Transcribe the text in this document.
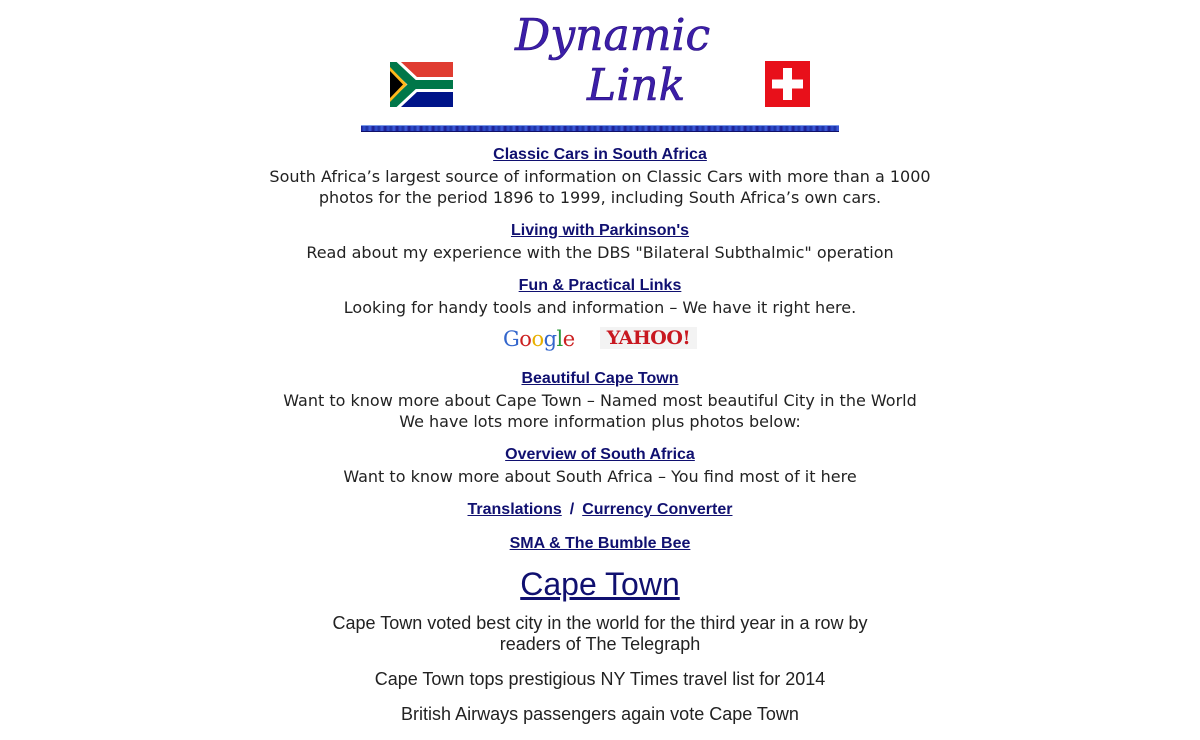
Dynamic
Link
Classic Cars in South Africa
South Africa’s largest source of information on Classic Cars with more than a 1000
photos for the period 1896 to 1999, including South Africa’s own cars.
Living with Parkinson's
Read about my experience with the DBS "Bilateral Subthalmic" operation
Fun & Practical Links
Looking for handy tools and information – We have it right here.
Google	YAHOO!
Beautiful Cape Town
Want to know more about Cape Town – Named most beautiful City in the World
We have lots more information plus photos below:
Overview of South Africa
Want to know more about South Africa – You find most of it here
Translations / Currency Converter
SMA & The Bumble Bee
Cape Town
Cape Town voted best city in the world for the third year in a row by
readers of The Telegraph
Cape Town tops prestigious NY Times travel list for 2014
British Airways passengers again vote Cape Town
